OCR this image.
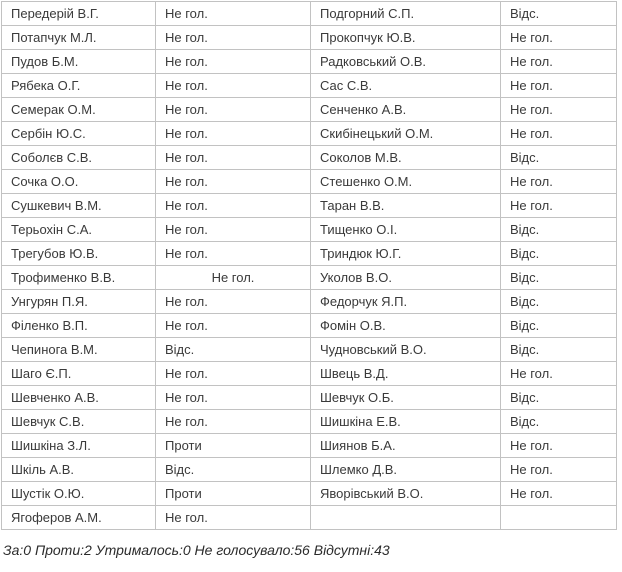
Передерій В.Г.	Не гол.	Подгорний С.П.	Відс.
Потапчук М.Л.	Не гол.	Прокопчук Ю.В.	Не гол.
Пудов Б.М.	Не гол.	Радковський О.В.	Не гол.
Рябека О.Г.	Не гол.	Сас С.В.	Не гол.
Семерак О.М.	Не гол.	Сенченко А.В.	Не гол.
Сербін Ю.С.	Не гол.	Скибінецький О.М.	Не гол.
Соболєв С.В.	Не гол.	Соколов М.В.	Відс.
Сочка О.О.	Не гол.	Стешенко О.М.	Не гол.
Сушкевич В.М.	Не гол.	Таран В.В.	Не гол.
Терьохін С.А.	Не гол.	Тищенко О.І.	Відс.
Трегубов Ю.В.	Не гол.	Триндюк Ю.Г.	Відс.
Трофименко В.В.	Не гол.	Уколов В.О.	Відс.
Унгурян П.Я.	Не гол.	Федорчук Я.П.	Відс.
Філенко В.П.	Не гол.	Фомін О.В.	Відс.
Чепинога В.М.	Відс.	Чудновський В.О.	Відс.
Шаго Є.П.	Не гол.	Швець В.Д.	Не гол.
Шевченко А.В.	Не гол.	Шевчук О.Б.	Відс.
Шевчук С.В.	Не гол.	Шишкіна Е.В.	Відс.
Шишкіна З.Л.	Проти	Шиянов Б.А.	Не гол.
Шкіль А.В.	Відс.	Шлемко Д.В.	Не гол.
Шустік О.Ю.	Проти	Яворівський В.О.	Не гол.
Ягоферов А.М.	Не гол.		
За:0 Проти:2 Утрималось:0 Не голосувало:56 Відсутні:43
